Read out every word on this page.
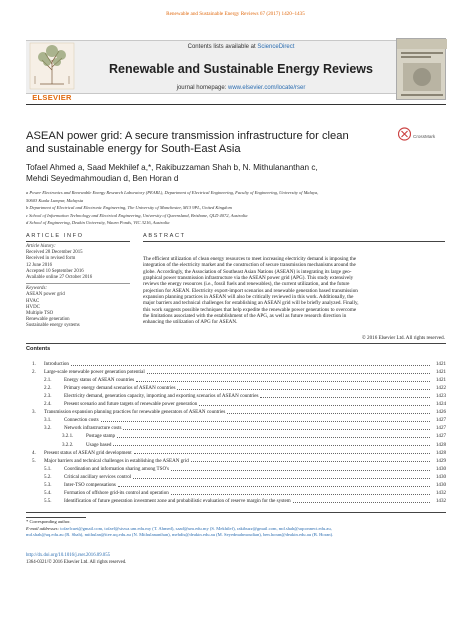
Renewable and Sustainable Energy Reviews 67 (2017) 1420–1435
ELSEVIER
Contents lists available at ScienceDirect
Renewable and Sustainable Energy Reviews
journal homepage: www.elsevier.com/locate/rser
ASEAN power grid: A secure transmission infrastructure for clean
and sustainable energy for South-East Asia
CrossMark
Tofael Ahmed a, Saad Mekhilef a,*, Rakibuzzaman Shah b, N. Mithulananthan c,
Mehdi Seyedmahmoudian d, Ben Horan d
a Power Electronics and Renewable Energy Research Laboratory (PEARL), Department of Electrical Engineering, Faculty of Engineering, University of Malaya,
50603 Kuala Lumpur, Malaysia
b Department of Electrical and Electronic Engineering, The University of Manchester, M13 9PL, United Kingdom
c School of Information Technology and Electrical Engineering, University of Queensland, Brisbane, QLD 4072, Australia
d School of Engineering, Deakin University, Waurn Ponds, VIC 3216, Australia
ARTICLE INFO	ABSTRACT
Article history:
Received 28 December 2015
Received in revised form
12 June 2016
Accepted 10 September 2016
Available online 27 October 2016
Keywords:
ASEAN power grid
HVAC
HVDC
Multiple TSO
Renewable generation
Sustainable energy systems
The efficient utilization of clean energy resources to meet increasing electricity demand is imposing the
integration of the electricity market and the construction of secure transmission mechanisms around the
globe. Accordingly, the Association of Southeast Asian Nations (ASEAN) is integrating its large geo-
graphical power transmission infrastructure via the ASEAN power grid (APG). This study extensively
reviews the energy resources (i.e., fossil fuels and renewables), the current utilization, and the future
projection for ASEAN. Electricity export-import scenarios and renewable generation based transmission
expansion planning practices in ASEAN will also be critically reviewed in this work. Additionally, the
major barriers and technical challenges for establishing an ASEAN grid will be briefly analyzed. Finally,
this work suggests possible techniques that help expedite the renewable power generations to overcome
the limitations associated with the establishment of the APG, as well as future research direction in
enhancing the utilization of APG for ASEAN.
© 2016 Elsevier Ltd. All rights reserved.
Contents
1. Introduction	1421
2. Large-scale renewable power generation potential	1421
2.1. Energy status of ASEAN countries	1421
2.2. Primary energy demand scenarios of ASEAN countries	1422
2.3. Electricity demand, generation capacity, importing and exporting scenarios of ASEAN countries	1423
2.4. Present scenario and future targets of renewable power generation	1424
3. Transmission expansion planning practices for renewable generators of ASEAN countries	1426
3.1. Connection costs	1427
3.2. Network infrastructure costs	1427
3.2.1.	Postage stamp	1427
3.2.2.	Usage based	1428
4. Present status of ASEAN grid development	1428
5. Major barriers and technical challenges in establishing the ASEAN grid	1429
5.1. Coordination and information sharing among TSO's	1430
5.2. Critical ancillary services control	1430
5.3. Inter-TSO compensations	1430
5.4. Formation of offshore grid-its control and operation	1432
5.5. Identification of future generation investment zone and probabilistic evaluation of reserve margin for the system	1432
* Corresponding author.
E-mail addresses: tofaelcuet@gmail.com, tofael@siswa.um.edu.my (T. Ahmed), saad@um.edu.my (S. Mekhilef), rakibuzz@gmail.com, md.shah@uqconnect.edu.au,
md.shah@uq.edu.au (R. Shah), mithulan@itee.uq.edu.au (N. Mithulananthan), mehdis@deakin.edu.au (M. Seyedmahmoudian), ben.horan@deakin.edu.au (B. Horan).
http://dx.doi.org/10.1016/j.rser.2016.09.055
1364-0321/© 2016 Elsevier Ltd. All rights reserved.
